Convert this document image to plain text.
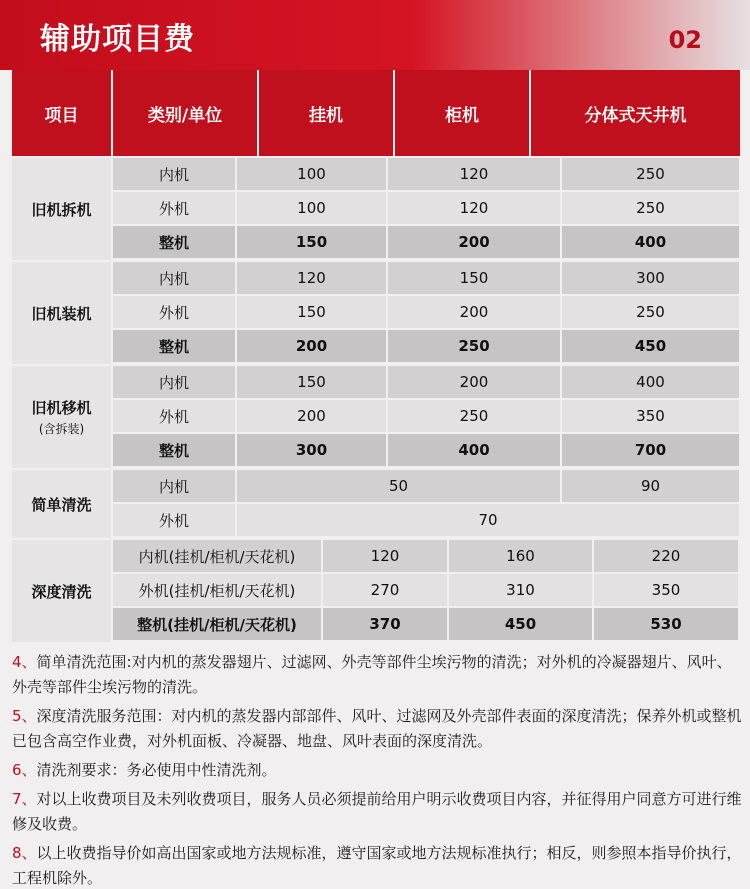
辅助项目费	02
项目	类别/单位	挂机	柜机	分体式天井机
旧机拆机
内机	100	120	250
外机	100	120	250
整机	150	200	400
旧机装机
内机	120	150	300
外机	150	200	250
整机	200	250	450
旧机移机
(含拆装)
内机	150	200	400
外机	200	250	350
整机	300	400	700
简单清洗
内机	50	90
外机	70
深度清洗
内机(挂机/柜机/天花机)	120	160	220
外机(挂机/柜机/天花机)	270	310	350
整机(挂机/柜机/天花机)	370	450	530
4、简单清洗范围:对内机的蒸发器翅片、过滤网、外壳等部件尘埃污物的清洗；对外机的冷凝器翅片、风叶、外壳等部件尘埃污物的清洗。
5、深度清洗服务范围：对内机的蒸发器内部部件、风叶、过滤网及外壳部件表面的深度清洗；保养外机或整机已包含高空作业费，对外机面板、冷凝器、地盘、风叶表面的深度清洗。
6、清洗剂要求：务必使用中性清洗剂。
7、对以上收费项目及未列收费项目，服务人员必须提前给用户明示收费项目内容，并征得用户同意方可进行维修及收费。
8、以上收费指导价如高出国家或地方法规标准，遵守国家或地方法规标准执行；相反，则参照本指导价执行，工程机除外。
